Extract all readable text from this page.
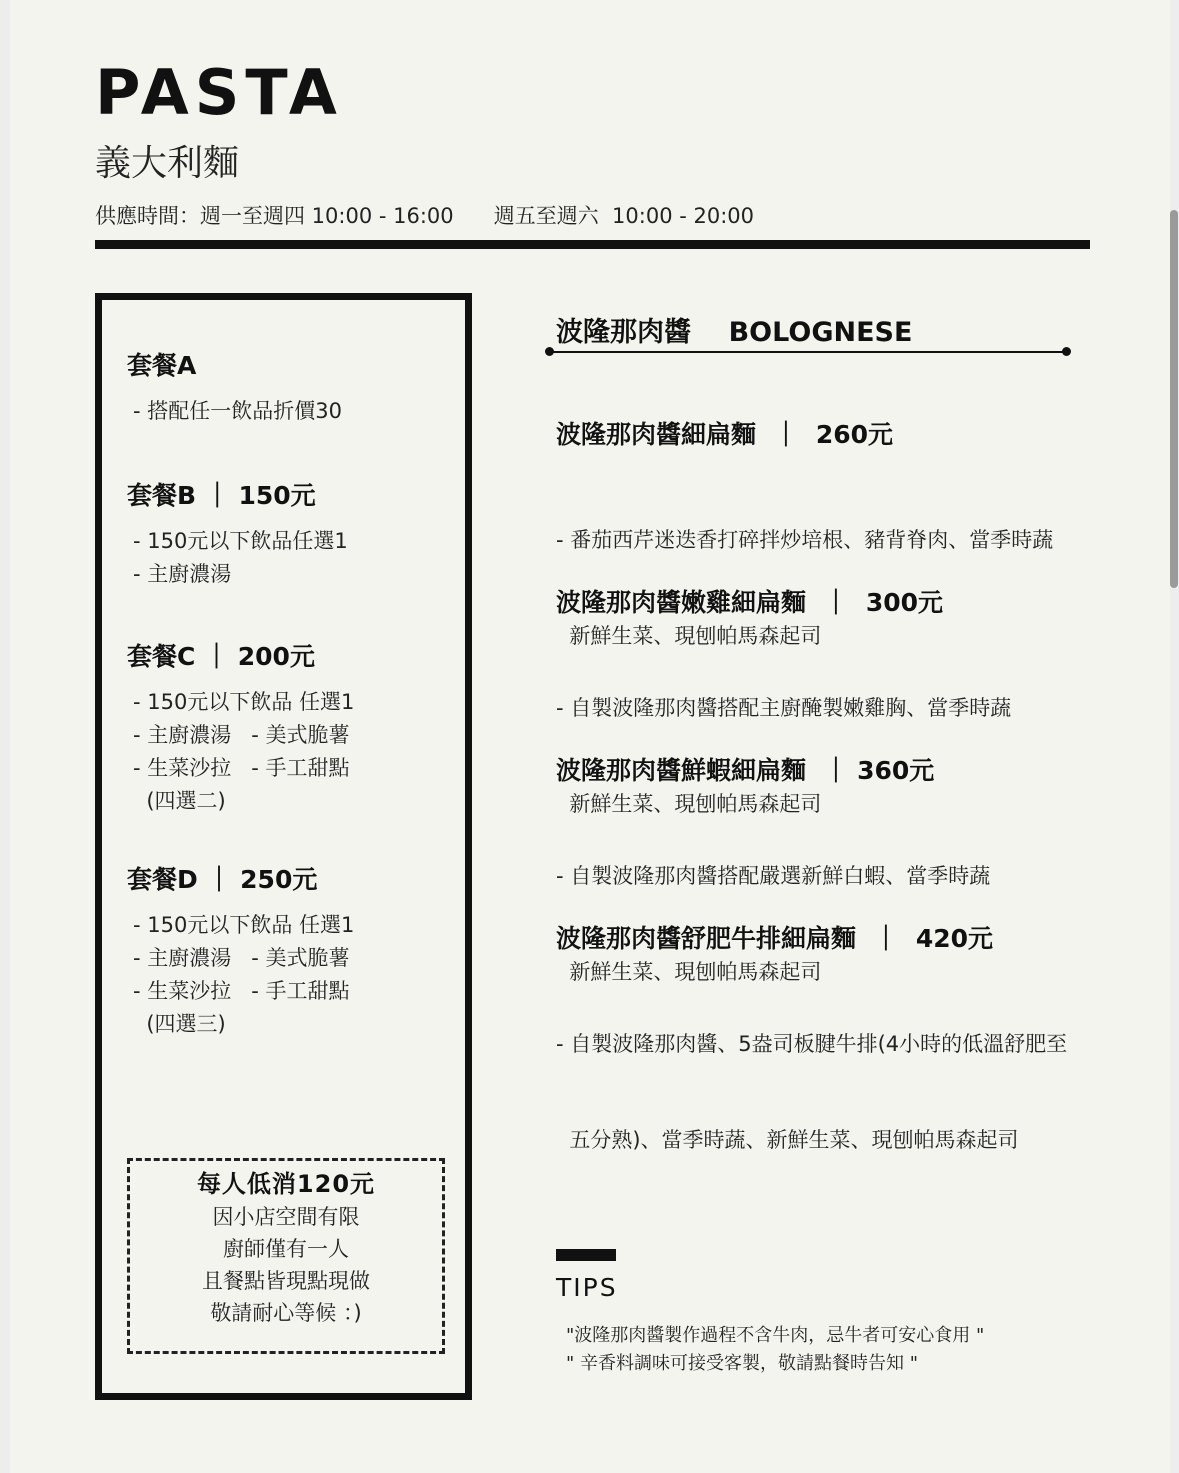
PASTA
義大利麵
供應時間：週一至週四 10:00 - 16:00      週五至週六  10:00 - 20:00
套餐A
- 搭配任一飲品折價30
套餐B ｜ 150元
- 150元以下飲品任選1
- 主廚濃湯
套餐C ｜ 200元
- 150元以下飲品 任選1
- 主廚濃湯   - 美式脆薯
- 生菜沙拉   - 手工甜點
(四選二)
套餐D ｜ 250元
- 150元以下飲品 任選1
- 主廚濃湯   - 美式脆薯
- 生菜沙拉   - 手工甜點
(四選三)
每人低消120元
因小店空間有限
廚師僅有一人
且餐點皆現點現做
敬請耐心等候 ：)
波隆那肉醬    BOLOGNESE
波隆那肉醬細扁麵  ｜  260元

- 番茄西芹迷迭香打碎拌炒培根、豬背脊肉、當季時蔬

新鮮生菜、現刨帕馬森起司

波隆那肉醬嫩雞細扁麵  ｜  300元

- 自製波隆那肉醬搭配主廚醃製嫩雞胸、當季時蔬

新鮮生菜、現刨帕馬森起司

波隆那肉醬鮮蝦細扁麵  ｜ 360元

- 自製波隆那肉醬搭配嚴選新鮮白蝦、當季時蔬

新鮮生菜、現刨帕馬森起司

波隆那肉醬舒肥牛排細扁麵  ｜  420元

- 自製波隆那肉醬、5盎司板腱牛排(4小時的低溫舒肥至

五分熟)、當季時蔬、新鮮生菜、現刨帕馬森起司

TIPS
"波隆那肉醬製作過程不含牛肉，忌牛者可安心食用 "
" 辛香料調味可接受客製，敬請點餐時告知 "
